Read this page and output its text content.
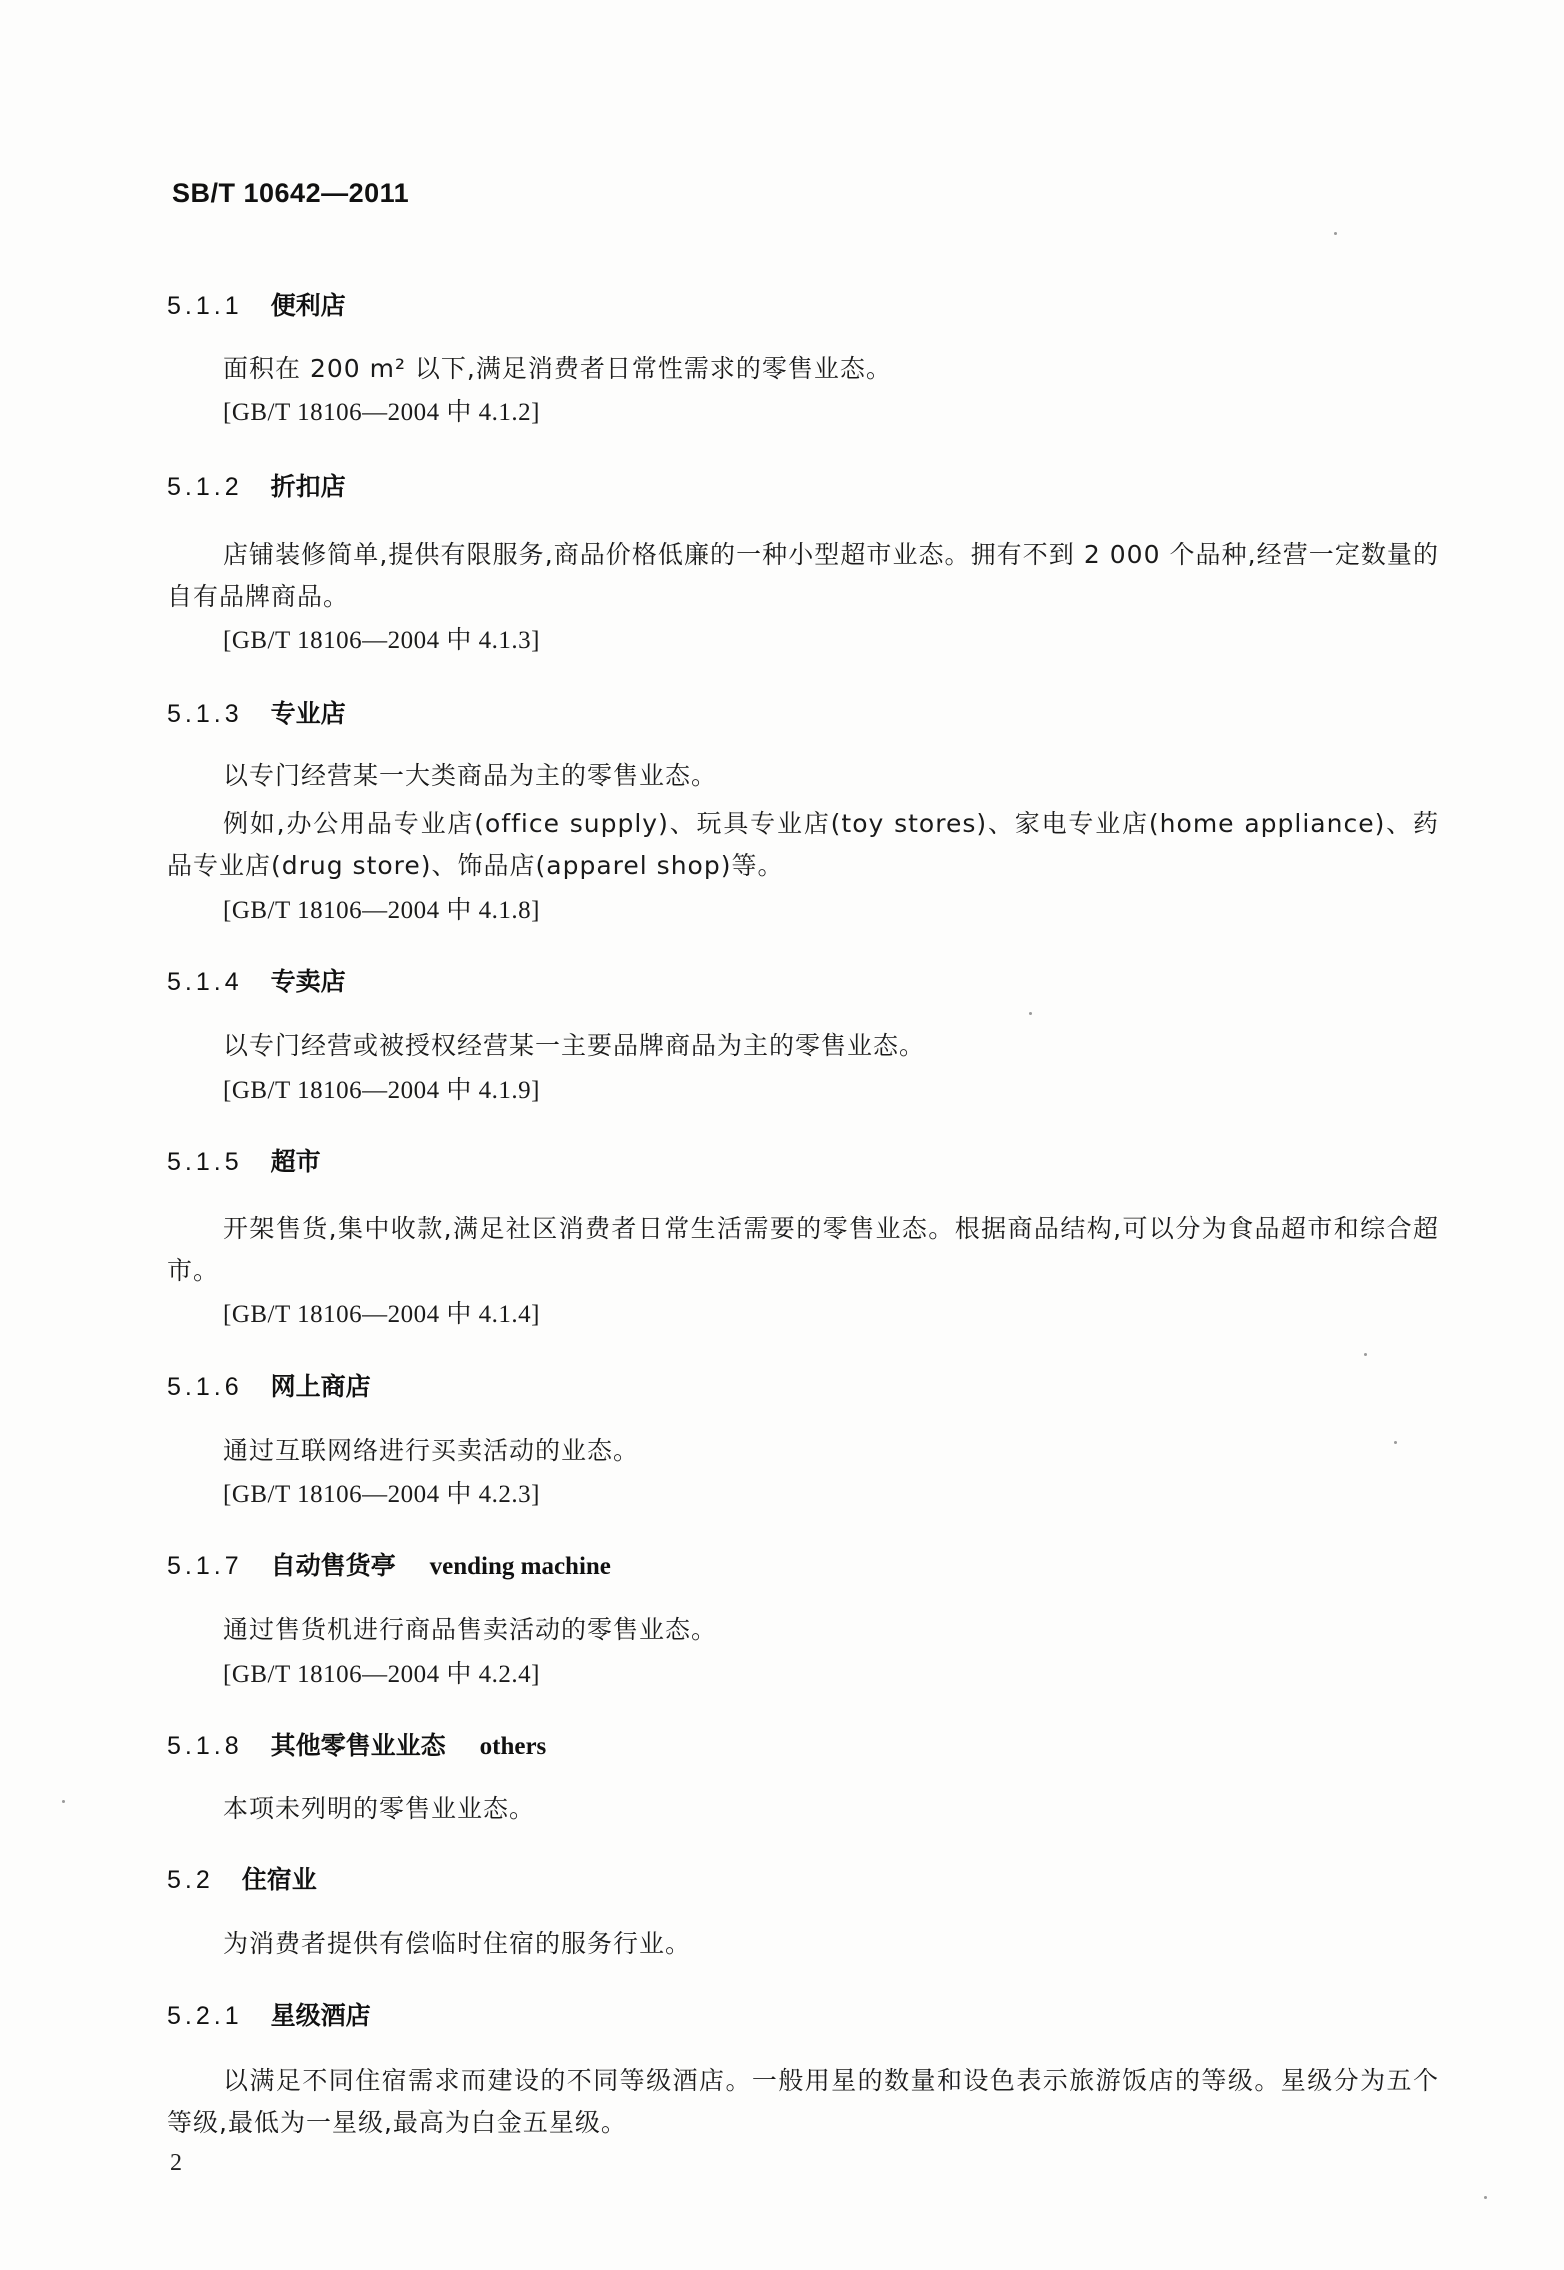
SB/T 10642—2011
5.1.1 便利店
面积在 200 m² 以下,满足消费者日常性需求的零售业态。
[GB/T 18106—2004 中 4.1.2]
5.1.2 折扣店
店铺装修简单,提供有限服务,商品价格低廉的一种小型超市业态。拥有不到 2 000 个品种,经营一定数量的自有品牌商品。
[GB/T 18106—2004 中 4.1.3]
5.1.3 专业店
以专门经营某一大类商品为主的零售业态。
例如,办公用品专业店(office supply)、玩具专业店(toy stores)、家电专业店(home appliance)、药品专业店(drug store)、饰品店(apparel shop)等。
[GB/T 18106—2004 中 4.1.8]
5.1.4 专卖店
以专门经营或被授权经营某一主要品牌商品为主的零售业态。
[GB/T 18106—2004 中 4.1.9]
5.1.5 超市
开架售货,集中收款,满足社区消费者日常生活需要的零售业态。根据商品结构,可以分为食品超市和综合超市。
[GB/T 18106—2004 中 4.1.4]
5.1.6 网上商店
通过互联网络进行买卖活动的业态。
[GB/T 18106—2004 中 4.2.3]
5.1.7 自动售货亭 vending machine
通过售货机进行商品售卖活动的零售业态。
[GB/T 18106—2004 中 4.2.4]
5.1.8 其他零售业业态 others
本项未列明的零售业业态。
5.2 住宿业
为消费者提供有偿临时住宿的服务行业。
5.2.1 星级酒店
以满足不同住宿需求而建设的不同等级酒店。一般用星的数量和设色表示旅游饭店的等级。星级分为五个等级,最低为一星级,最高为白金五星级。
2
